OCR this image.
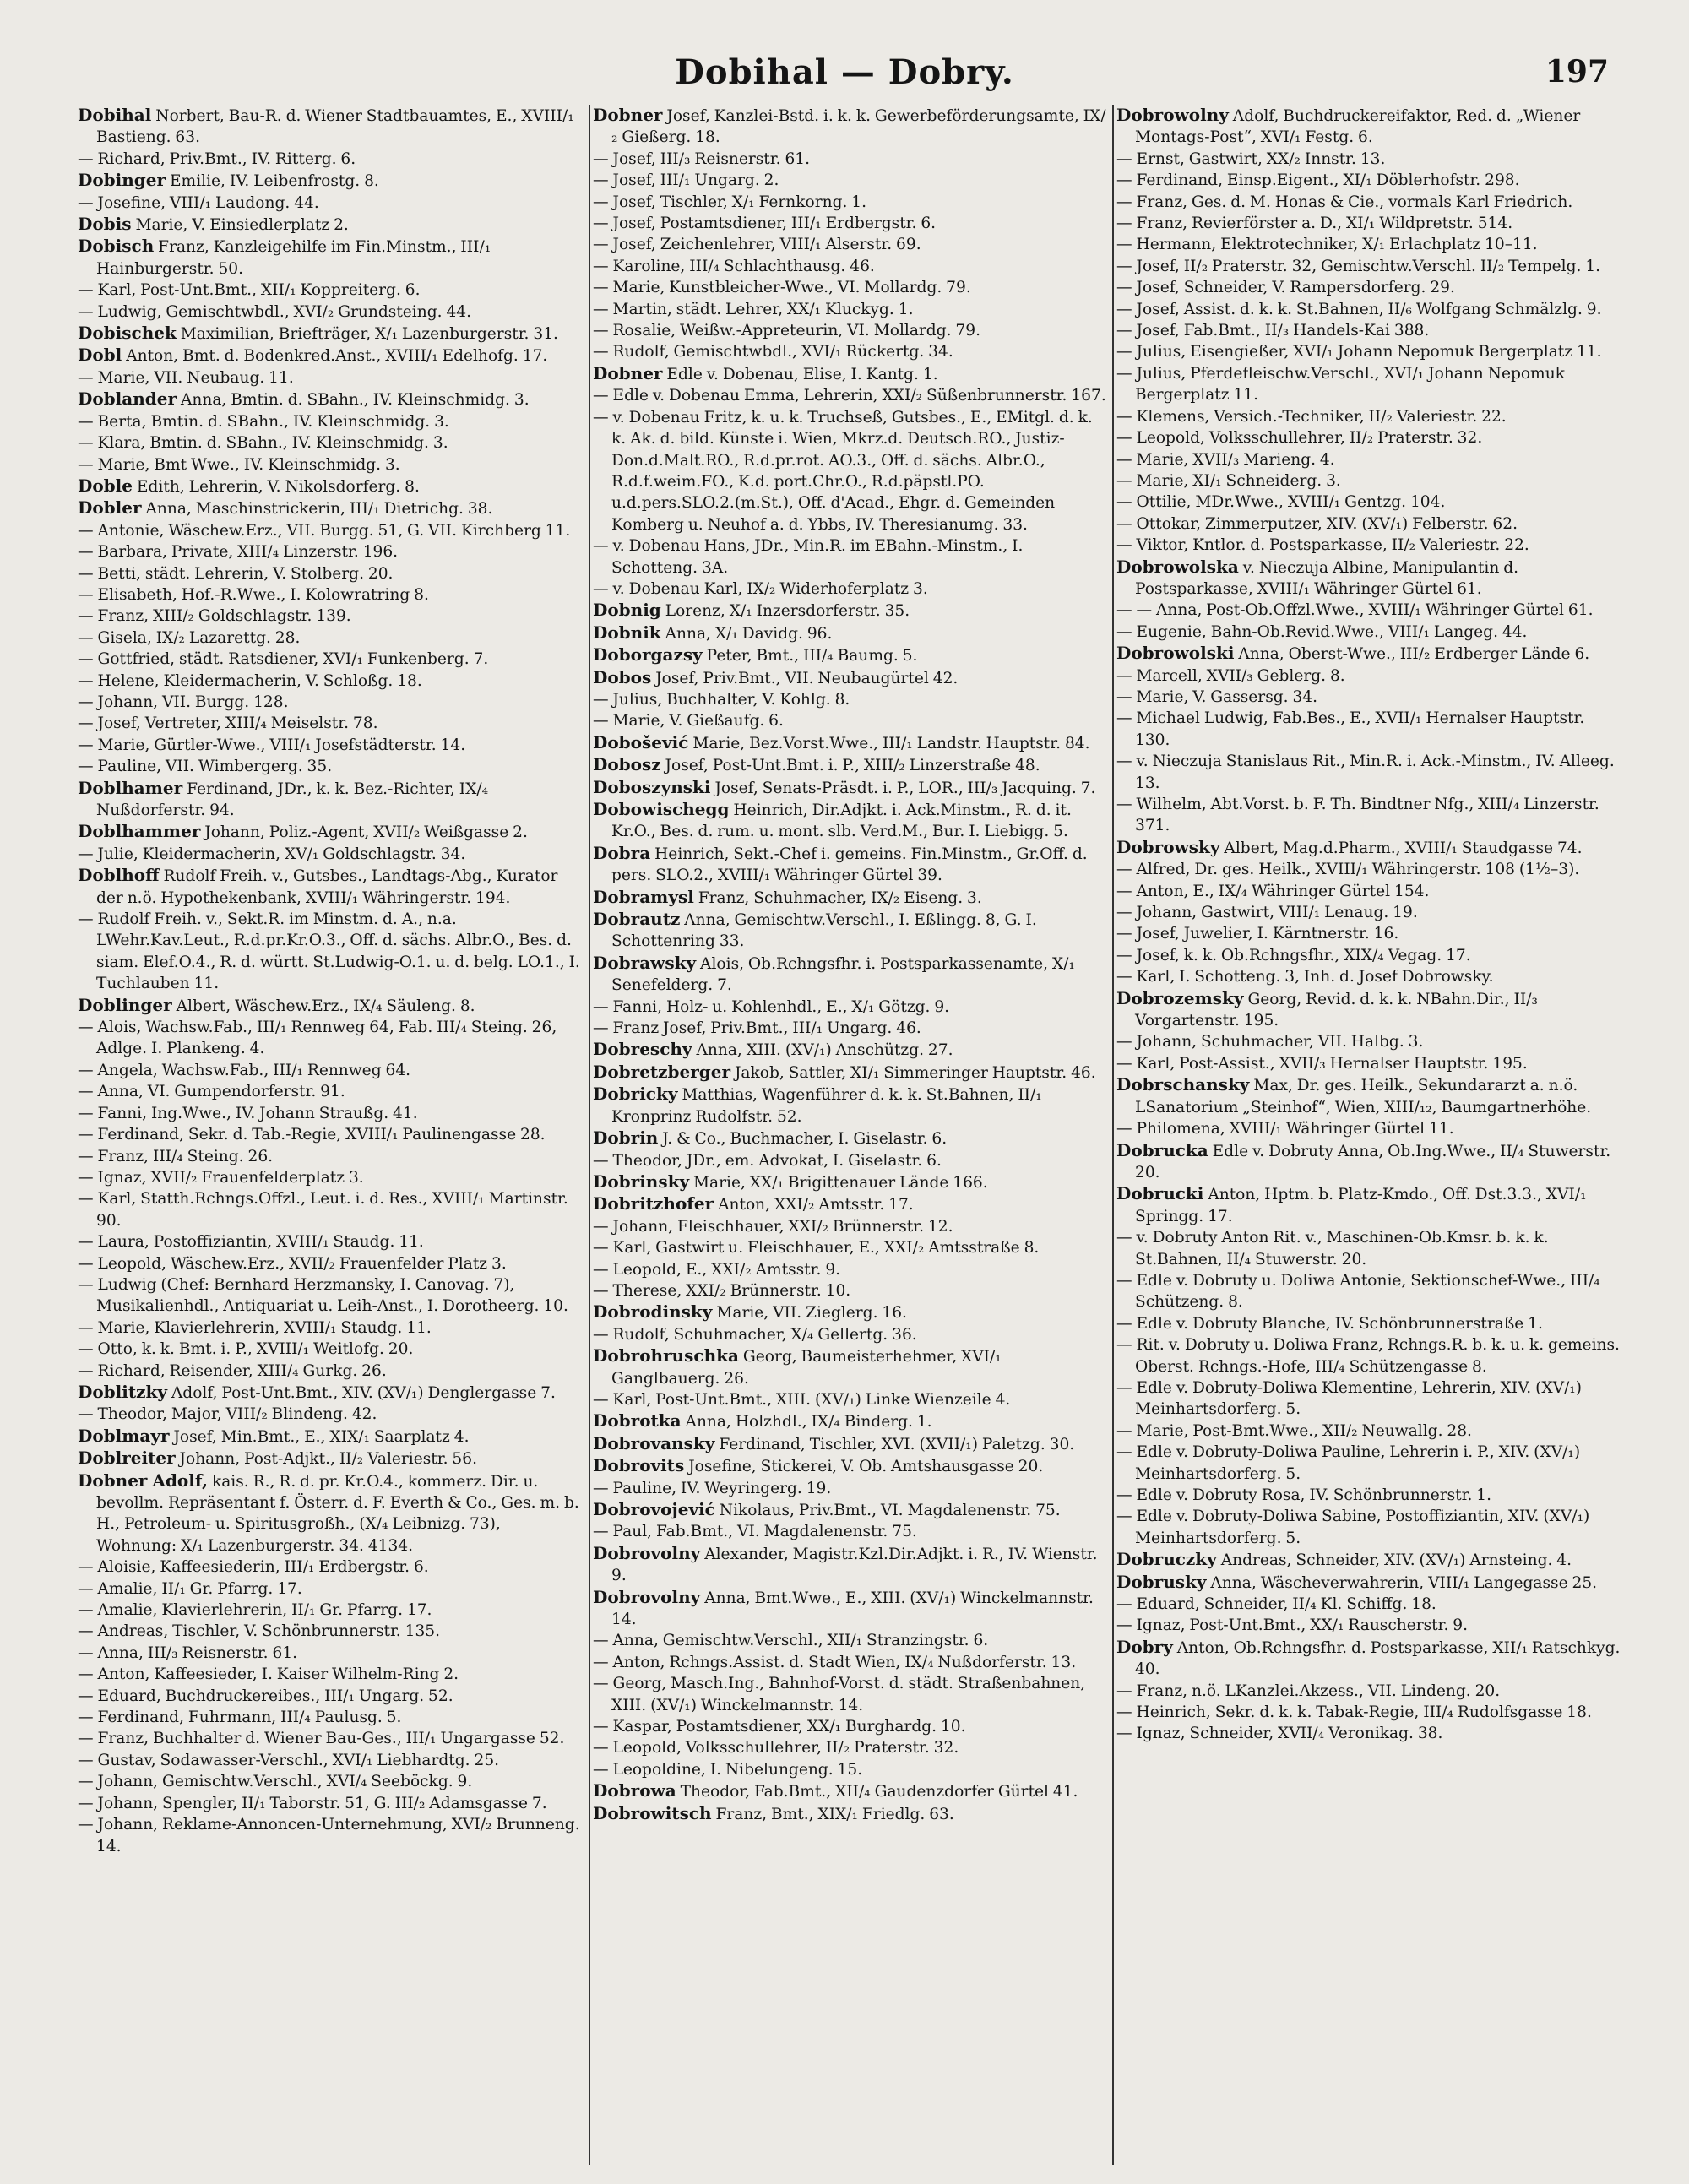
Dobihal — Dobry.	197

Dobihal Norbert, Bau-R. d. Wiener Stadtbauamtes, E., XVIII/₁ Bastieng. 63.

— Richard, Priv.Bmt., IV. Ritterg. 6.

Dobinger Emilie, IV. Leibenfrostg. 8.

— Josefine, VIII/₁ Laudong. 44.

Dobis Marie, V. Einsiedlerplatz 2.

Dobisch Franz, Kanzleigehilfe im Fin.Minstm., III/₁ Hainburgerstr. 50.

— Karl, Post-Unt.Bmt., XII/₁ Koppreiterg. 6.

— Ludwig, Gemischtwbdl., XVI/₂ Grundsteing. 44.

Dobischek Maximilian, Briefträger, X/₁ Lazenburgerstr. 31.

Dobl Anton, Bmt. d. Bodenkred.Anst., XVIII/₁ Edelhofg. 17.

— Marie, VII. Neubaug. 11.

Doblander Anna, Bmtin. d. SBahn., IV. Kleinschmidg. 3.

— Berta, Bmtin. d. SBahn., IV. Kleinschmidg. 3.

— Klara, Bmtin. d. SBahn., IV. Kleinschmidg. 3.

— Marie, Bmt Wwe., IV. Kleinschmidg. 3.

Doble Edith, Lehrerin, V. Nikolsdorferg. 8.

Dobler Anna, Maschinstrickerin, III/₁ Dietrichg. 38.

— Antonie, Wäschew.Erz., VII. Burgg. 51, G. VII. Kirchberg 11.

— Barbara, Private, XIII/₄ Linzerstr. 196.

— Betti, städt. Lehrerin, V. Stolberg. 20.

— Elisabeth, Hof.-R.Wwe., I. Kolowratring 8.

— Franz, XIII/₂ Goldschlagstr. 139.

— Gisela, IX/₂ Lazarettg. 28.

— Gottfried, städt. Ratsdiener, XVI/₁ Funkenberg. 7.

— Helene, Kleidermacherin, V. Schloßg. 18.

— Johann, VII. Burgg. 128.

— Josef, Vertreter, XIII/₄ Meiselstr. 78.

— Marie, Gürtler-Wwe., VIII/₁ Josefstädterstr. 14.

— Pauline, VII. Wimbergerg. 35.

Doblhamer Ferdinand, JDr., k. k. Bez.-Richter, IX/₄ Nußdorferstr. 94.

Doblhammer Johann, Poliz.-Agent, XVII/₂ Weißgasse 2.

— Julie, Kleidermacherin, XV/₁ Goldschlagstr. 34.

Doblhoff Rudolf Freih. v., Gutsbes., Landtags-Abg., Kurator der n.ö. Hypothekenbank, XVIII/₁ Währingerstr. 194.

— Rudolf Freih. v., Sekt.R. im Minstm. d. A., n.a. LWehr.Kav.Leut., R.d.pr.Kr.O.3., Off. d. sächs. Albr.O., Bes. d. siam. Elef.O.4., R. d. württ. St.Ludwig-O.1. u. d. belg. LO.1., I. Tuchlauben 11.

Doblinger Albert, Wäschew.Erz., IX/₄ Säuleng. 8.

— Alois, Wachsw.Fab., III/₁ Rennweg 64, Fab. III/₄ Steing. 26, Adlge. I. Plankeng. 4.

— Angela, Wachsw.Fab., III/₁ Rennweg 64.

— Anna, VI. Gumpendorferstr. 91.

— Fanni, Ing.Wwe., IV. Johann Straußg. 41.

— Ferdinand, Sekr. d. Tab.-Regie, XVIII/₁ Paulinengasse 28.

— Franz, III/₄ Steing. 26.

— Ignaz, XVII/₂ Frauenfelderplatz 3.

— Karl, Statth.Rchngs.Offzl., Leut. i. d. Res., XVIII/₁ Martinstr. 90.

— Laura, Postoffiziantin, XVIII/₁ Staudg. 11.

— Leopold, Wäschew.Erz., XVII/₂ Frauenfelder Platz 3.

— Ludwig (Chef: Bernhard Herzmansky, I. Canovag. 7), Musikalienhdl., Antiquariat u. Leih-Anst., I. Dorotheerg. 10.

— Marie, Klavierlehrerin, XVIII/₁ Staudg. 11.

— Otto, k. k. Bmt. i. P., XVIII/₁ Weitlofg. 20.

— Richard, Reisender, XIII/₄ Gurkg. 26.

Doblitzky Adolf, Post-Unt.Bmt., XIV. (XV/₁) Denglergasse 7.

— Theodor, Major, VIII/₂ Blindeng. 42.

Doblmayr Josef, Min.Bmt., E., XIX/₁ Saarplatz 4.

Doblreiter Johann, Post-Adjkt., II/₂ Valeriestr. 56.

Dobner Adolf, kais. R., R. d. pr. Kr.O.4., kommerz. Dir. u. bevollm. Repräsentant f. Österr. d. F. Everth & Co., Ges. m. b. H., Petroleum- u. Spiritusgroßh., (X/₄ Leibnizg. 73), Wohnung: X/₁ Lazenburgerstr. 34. 4134.

— Aloisie, Kaffeesiederin, III/₁ Erdbergstr. 6.

— Amalie, II/₁ Gr. Pfarrg. 17.

— Amalie, Klavierlehrerin, II/₁ Gr. Pfarrg. 17.

— Andreas, Tischler, V. Schönbrunnerstr. 135.

— Anna, III/₃ Reisnerstr. 61.

— Anton, Kaffeesieder, I. Kaiser Wilhelm-Ring 2.

— Eduard, Buchdruckereibes., III/₁ Ungarg. 52.

— Ferdinand, Fuhrmann, III/₄ Paulusg. 5.

— Franz, Buchhalter d. Wiener Bau-Ges., III/₁ Ungargasse 52.

— Gustav, Sodawasser-Verschl., XVI/₁ Liebhardtg. 25.

— Johann, Gemischtw.Verschl., XVI/₄ Seeböckg. 9.

— Johann, Spengler, II/₁ Taborstr. 51, G. III/₂ Adamsgasse 7.

— Johann, Reklame-Annoncen-Unternehmung, XVI/₂ Brunneng. 14.

Dobner Josef, Kanzlei-Bstd. i. k. k. Gewerbeförderungsamte, IX/₂ Gießerg. 18.

— Josef, III/₃ Reisnerstr. 61.

— Josef, III/₁ Ungarg. 2.

— Josef, Tischler, X/₁ Fernkorng. 1.

— Josef, Postamtsdiener, III/₁ Erdbergstr. 6.

— Josef, Zeichenlehrer, VIII/₁ Alserstr. 69.

— Karoline, III/₄ Schlachthausg. 46.

— Marie, Kunstbleicher-Wwe., VI. Mollardg. 79.

— Martin, städt. Lehrer, XX/₁ Kluckyg. 1.

— Rosalie, Weißw.-Appreteurin, VI. Mollardg. 79.

— Rudolf, Gemischtwbdl., XVI/₁ Rückertg. 34.

Dobner Edle v. Dobenau, Elise, I. Kantg. 1.

— Edle v. Dobenau Emma, Lehrerin, XXI/₂ Süßenbrunnerstr. 167.

— v. Dobenau Fritz, k. u. k. Truchseß, Gutsbes., E., EMitgl. d. k. k. Ak. d. bild. Künste i. Wien, Mkrz.d. Deutsch.RO., Justiz-Don.d.Malt.RO., R.d.pr.rot. AO.3., Off. d. sächs. Albr.O., R.d.f.weim.FO., K.d. port.Chr.O., R.d.päpstl.PO. u.d.pers.SLO.2.(m.St.), Off. d'Acad., Ehgr. d. Gemeinden Komberg u. Neuhof a. d. Ybbs, IV. Theresianumg. 33.

— v. Dobenau Hans, JDr., Min.R. im EBahn.-Minstm., I. Schotteng. 3A.

— v. Dobenau Karl, IX/₂ Widerhoferplatz 3.

Dobnig Lorenz, X/₁ Inzersdorferstr. 35.

Dobnik Anna, X/₁ Davidg. 96.

Doborgazsy Peter, Bmt., III/₄ Baumg. 5.

Dobos Josef, Priv.Bmt., VII. Neubaugürtel 42.

— Julius, Buchhalter, V. Kohlg. 8.

— Marie, V. Gießaufg. 6.

Dobošević Marie, Bez.Vorst.Wwe., III/₁ Landstr. Hauptstr. 84.

Dobosz Josef, Post-Unt.Bmt. i. P., XIII/₂ Linzerstraße 48.

Doboszynski Josef, Senats-Präsdt. i. P., LOR., III/₃ Jacquing. 7.

Dobowischegg Heinrich, Dir.Adjkt. i. Ack.Minstm., R. d. it. Kr.O., Bes. d. rum. u. mont. slb. Verd.M., Bur. I. Liebigg. 5.

Dobra Heinrich, Sekt.-Chef i. gemeins. Fin.Minstm., Gr.Off. d. pers. SLO.2., XVIII/₁ Währinger Gürtel 39.

Dobramysl Franz, Schuhmacher, IX/₂ Eiseng. 3.

Dobrautz Anna, Gemischtw.Verschl., I. Eßlingg. 8, G. I. Schottenring 33.

Dobrawsky Alois, Ob.Rchngsfhr. i. Postsparkassenamte, X/₁ Senefelderg. 7.

— Fanni, Holz- u. Kohlenhdl., E., X/₁ Götzg. 9.

— Franz Josef, Priv.Bmt., III/₁ Ungarg. 46.

Dobreschy Anna, XIII. (XV/₁) Anschützg. 27.

Dobretzberger Jakob, Sattler, XI/₁ Simmeringer Hauptstr. 46.

Dobricky Matthias, Wagenführer d. k. k. St.Bahnen, II/₁ Kronprinz Rudolfstr. 52.

Dobrin J. & Co., Buchmacher, I. Giselastr. 6.

— Theodor, JDr., em. Advokat, I. Giselastr. 6.

Dobrinsky Marie, XX/₁ Brigittenauer Lände 166.

Dobritzhofer Anton, XXI/₂ Amtsstr. 17.

— Johann, Fleischhauer, XXI/₂ Brünnerstr. 12.

— Karl, Gastwirt u. Fleischhauer, E., XXI/₂ Amtsstraße 8.

— Leopold, E., XXI/₂ Amtsstr. 9.

— Therese, XXI/₂ Brünnerstr. 10.

Dobrodinsky Marie, VII. Zieglerg. 16.

— Rudolf, Schuhmacher, X/₄ Gellertg. 36.

Dobrohruschka Georg, Baumeisterhehmer, XVI/₁ Ganglbauerg. 26.

— Karl, Post-Unt.Bmt., XIII. (XV/₁) Linke Wienzeile 4.

Dobrotka Anna, Holzhdl., IX/₄ Binderg. 1.

Dobrovansky Ferdinand, Tischler, XVI. (XVII/₁) Paletzg. 30.

Dobrovits Josefine, Stickerei, V. Ob. Amtshausgasse 20.

— Pauline, IV. Weyringerg. 19.

Dobrovojević Nikolaus, Priv.Bmt., VI. Magdalenenstr. 75.

— Paul, Fab.Bmt., VI. Magdalenenstr. 75.

Dobrovolny Alexander, Magistr.Kzl.Dir.Adjkt. i. R., IV. Wienstr. 9.

Dobrovolny Anna, Bmt.Wwe., E., XIII. (XV/₁) Winckelmannstr. 14.

— Anna, Gemischtw.Verschl., XII/₁ Stranzingstr. 6.

— Anton, Rchngs.Assist. d. Stadt Wien, IX/₄ Nußdorferstr. 13.

— Georg, Masch.Ing., Bahnhof-Vorst. d. städt. Straßenbahnen, XIII. (XV/₁) Winckelmannstr. 14.

— Kaspar, Postamtsdiener, XX/₁ Burghardg. 10.

— Leopold, Volksschullehrer, II/₂ Praterstr. 32.

— Leopoldine, I. Nibelungeng. 15.

Dobrowa Theodor, Fab.Bmt., XII/₄ Gaudenzdorfer Gürtel 41.

Dobrowitsch Franz, Bmt., XIX/₁ Friedlg. 63.

Dobrowolny Adolf, Buchdruckereifaktor, Red. d. „Wiener Montags-Post“, XVI/₁ Festg. 6.

— Ernst, Gastwirt, XX/₂ Innstr. 13.

— Ferdinand, Einsp.Eigent., XI/₁ Döblerhofstr. 298.

— Franz, Ges. d. M. Honas & Cie., vormals Karl Friedrich.

— Franz, Revierförster a. D., XI/₁ Wildpretstr. 514.

— Hermann, Elektrotechniker, X/₁ Erlachplatz 10–11.

— Josef, II/₂ Praterstr. 32, Gemischtw.Verschl. II/₂ Tempelg. 1.

— Josef, Schneider, V. Rampersdorferg. 29.

— Josef, Assist. d. k. k. St.Bahnen, II/₆ Wolfgang Schmälzlg. 9.

— Josef, Fab.Bmt., II/₃ Handels-Kai 388.

— Julius, Eisengießer, XVI/₁ Johann Nepomuk Bergerplatz 11.

— Julius, Pferdefleischw.Verschl., XVI/₁ Johann Nepomuk Bergerplatz 11.

— Klemens, Versich.-Techniker, II/₂ Valeriestr. 22.

— Leopold, Volksschullehrer, II/₂ Praterstr. 32.

— Marie, XVII/₃ Marieng. 4.

— Marie, XI/₁ Schneiderg. 3.

— Ottilie, MDr.Wwe., XVIII/₁ Gentzg. 104.

— Ottokar, Zimmerputzer, XIV. (XV/₁) Felberstr. 62.

— Viktor, Kntlor. d. Postsparkasse, II/₂ Valeriestr. 22.

Dobrowolska v. Nieczuja Albine, Manipulantin d. Postsparkasse, XVIII/₁ Währinger Gürtel 61.

— — Anna, Post-Ob.Offzl.Wwe., XVIII/₁ Währinger Gürtel 61.

— Eugenie, Bahn-Ob.Revid.Wwe., VIII/₁ Langeg. 44.

Dobrowolski Anna, Oberst-Wwe., III/₂ Erdberger Lände 6.

— Marcell, XVII/₃ Geblerg. 8.

— Marie, V. Gassersg. 34.

— Michael Ludwig, Fab.Bes., E., XVII/₁ Hernalser Hauptstr. 130.

— v. Nieczuja Stanislaus Rit., Min.R. i. Ack.-Minstm., IV. Alleeg. 13.

— Wilhelm, Abt.Vorst. b. F. Th. Bindtner Nfg., XIII/₄ Linzerstr. 371.

Dobrowsky Albert, Mag.d.Pharm., XVIII/₁ Staudgasse 74.

— Alfred, Dr. ges. Heilk., XVIII/₁ Währingerstr. 108 (1½–3).

— Anton, E., IX/₄ Währinger Gürtel 154.

— Johann, Gastwirt, VIII/₁ Lenaug. 19.

— Josef, Juwelier, I. Kärntnerstr. 16.

— Josef, k. k. Ob.Rchngsfhr., XIX/₄ Vegag. 17.

— Karl, I. Schotteng. 3, Inh. d. Josef Dobrowsky.

Dobrozemsky Georg, Revid. d. k. k. NBahn.Dir., II/₃ Vorgartenstr. 195.

— Johann, Schuhmacher, VII. Halbg. 3.

— Karl, Post-Assist., XVII/₃ Hernalser Hauptstr. 195.

Dobrschansky Max, Dr. ges. Heilk., Sekundararzt a. n.ö. LSanatorium „Steinhof“, Wien, XIII/₁₂, Baumgartnerhöhe.

— Philomena, XVIII/₁ Währinger Gürtel 11.

Dobrucka Edle v. Dobruty Anna, Ob.Ing.Wwe., II/₄ Stuwerstr. 20.

Dobrucki Anton, Hptm. b. Platz-Kmdo., Off. Dst.3.3., XVI/₁ Springg. 17.

— v. Dobruty Anton Rit. v., Maschinen-Ob.Kmsr. b. k. k. St.Bahnen, II/₄ Stuwerstr. 20.

— Edle v. Dobruty u. Doliwa Antonie, Sektionschef-Wwe., III/₄ Schützeng. 8.

— Edle v. Dobruty Blanche, IV. Schönbrunnerstraße 1.

— Rit. v. Dobruty u. Doliwa Franz, Rchngs.R. b. k. u. k. gemeins. Oberst. Rchngs.-Hofe, III/₄ Schützengasse 8.

— Edle v. Dobruty-Doliwa Klementine, Lehrerin, XIV. (XV/₁) Meinhartsdorferg. 5.

— Marie, Post-Bmt.Wwe., XII/₂ Neuwallg. 28.

— Edle v. Dobruty-Doliwa Pauline, Lehrerin i. P., XIV. (XV/₁) Meinhartsdorferg. 5.

— Edle v. Dobruty Rosa, IV. Schönbrunnerstr. 1.

— Edle v. Dobruty-Doliwa Sabine, Postoffiziantin, XIV. (XV/₁) Meinhartsdorferg. 5.

Dobruczky Andreas, Schneider, XIV. (XV/₁) Arnsteing. 4.

Dobrusky Anna, Wäscheverwahrerin, VIII/₁ Langegasse 25.

— Eduard, Schneider, II/₄ Kl. Schiffg. 18.

— Ignaz, Post-Unt.Bmt., XX/₁ Rauscherstr. 9.

Dobry Anton, Ob.Rchngsfhr. d. Postsparkasse, XII/₁ Ratschkyg. 40.

— Franz, n.ö. LKanzlei.Akzess., VII. Lindeng. 20.

— Heinrich, Sekr. d. k. k. Tabak-Regie, III/₄ Rudolfsgasse 18.

— Ignaz, Schneider, XVII/₄ Veronikag. 38.
